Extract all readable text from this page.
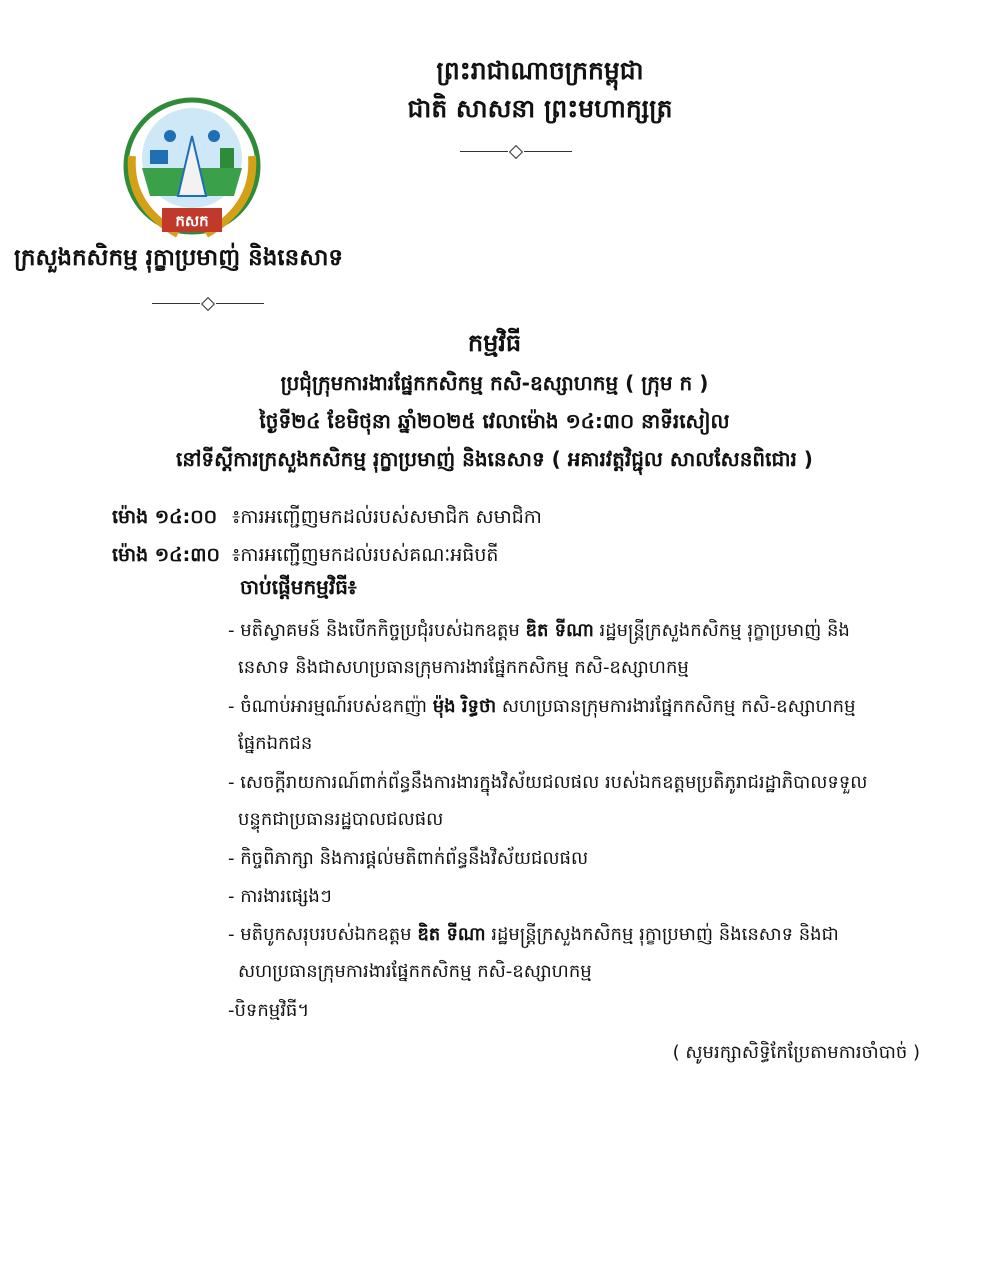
ព្រះរាជាណាចក្រកម្ពុជា
ជាតិ សាសនា ព្រះមហាក្សត្រ
កសក
ក្រសួងកសិកម្ម រុក្ខាប្រមាញ់ និងនេសាទ
កម្មវិធី
ប្រជុំក្រុមការងារផ្នែកកសិកម្ម កសិ-ឧស្សាហកម្ម ( ក្រុម ក )
ថ្ងៃទី២៤ ខែមិថុនា ឆ្នាំ២០២៥ វេលាម៉ោង ១៤:៣០ នាទីរសៀល
នៅទីស្តីការក្រសួងកសិកម្ម រុក្ខាប្រមាញ់ និងនេសាទ ( អគារវត្តវិជ្ជុល សាលសែនពិជោរ )
ម៉ោង ១៤:០០ ៖ការអញ្ជើញមកដល់របស់សមាជិក សមាជិកា
ម៉ោង ១៤:៣០ ៖ការអញ្ជើញមកដល់របស់គណៈអធិបតី
ចាប់ផ្តើមកម្មវិធី៖
- មតិស្វាគមន៍ និងបើកកិច្ចប្រជុំរបស់ឯកឧត្តម ឌិត ទីណា រដ្ឋមន្ត្រីក្រសួងកសិកម្ម រុក្ខាប្រមាញ់ និង
នេសាទ និងជាសហប្រធានក្រុមការងារផ្នែកកសិកម្ម កសិ-ឧស្សាហកម្ម
- ចំណាប់អារម្មណ៍របស់ឧកញ៉ា ម៉ុង រិទ្ធថា សហប្រធានក្រុមការងារផ្នែកកសិកម្ម កសិ-ឧស្សាហកម្ម
ផ្នែកឯកជន
- សេចក្តីរាយការណ៍ពាក់ព័ន្ធនឹងការងារក្នុងវិស័យជលផល របស់ឯកឧត្តមប្រតិភូរាជរដ្ឋាភិបាលទទួល
បន្ទុកជាប្រធានរដ្ឋបាលជលផល
- កិច្ចពិភាក្សា និងការផ្តល់មតិពាក់ព័ន្ធនឹងវិស័យជលផល
- ការងារផ្សេងៗ
- មតិបូកសរុបរបស់ឯកឧត្តម ឌិត ទីណា រដ្ឋមន្ត្រីក្រសួងកសិកម្ម រុក្ខាប្រមាញ់ និងនេសាទ និងជា
សហប្រធានក្រុមការងារផ្នែកកសិកម្ម កសិ-ឧស្សាហកម្ម
-បិទកម្មវិធី។
( សូមរក្សាសិទ្ធិកែប្រែតាមការចាំបាច់ )
